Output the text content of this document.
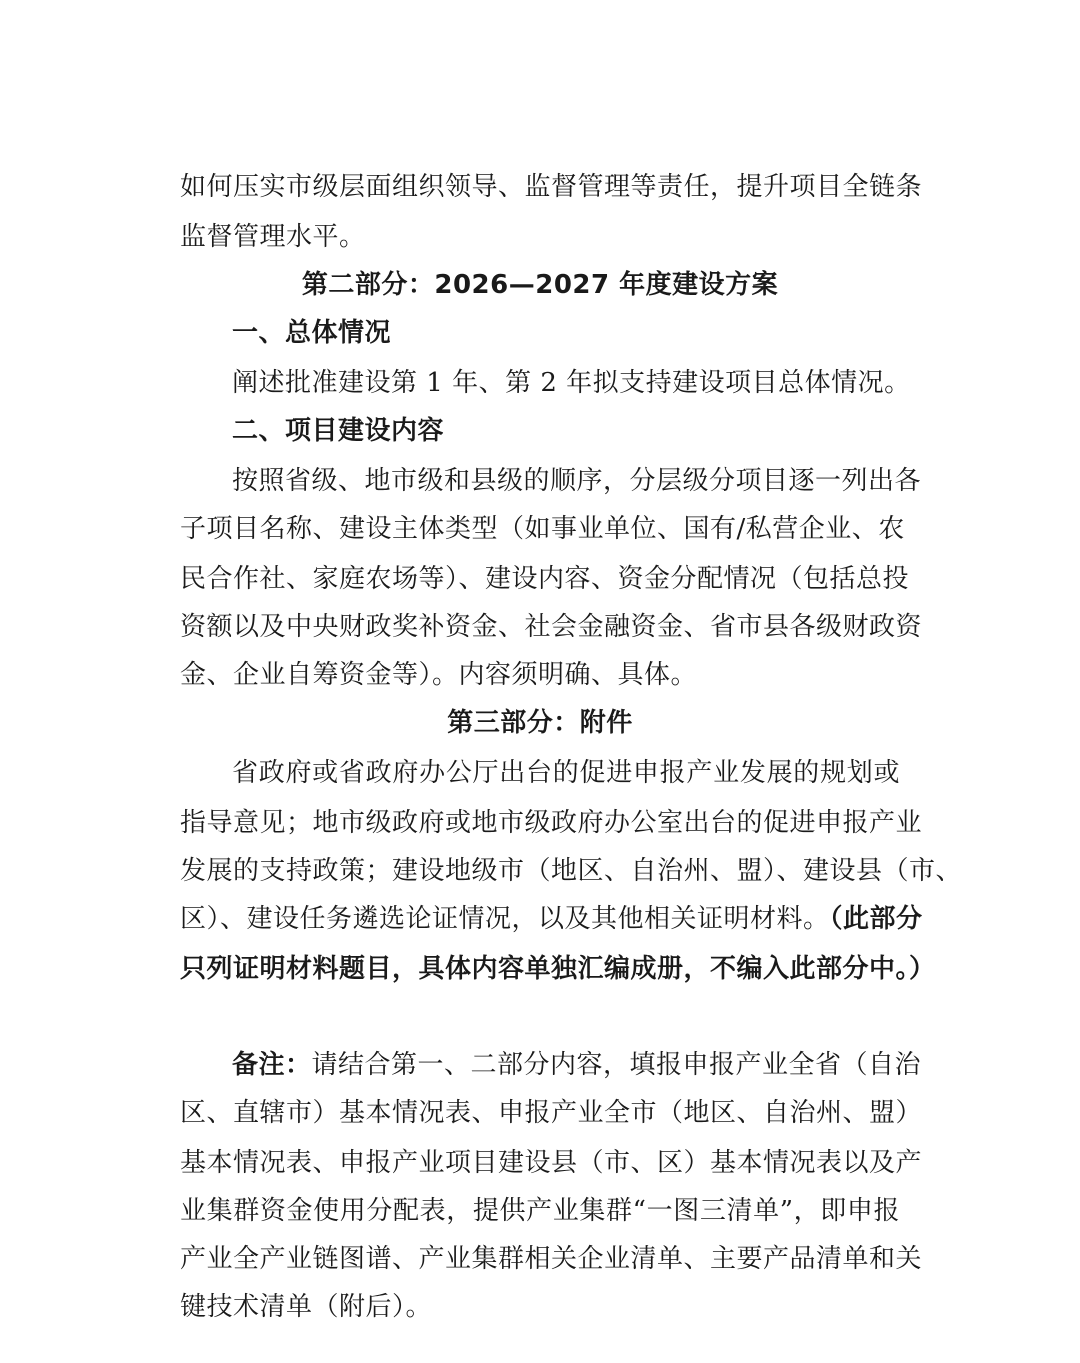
如何压实市级层面组织领导、监督管理等责任，提升项目全链条
监督管理水平。
第二部分：2026—2027 年度建设方案
一、总体情况
阐述批准建设第 1 年、第 2 年拟支持建设项目总体情况。
二、项目建设内容
按照省级、地市级和县级的顺序，分层级分项目逐一列出各
子项目名称、建设主体类型（如事业单位、国有/私营企业、农
民合作社、家庭农场等）、建设内容、资金分配情况（包括总投
资额以及中央财政奖补资金、社会金融资金、省市县各级财政资
金、企业自筹资金等）。内容须明确、具体。
第三部分：附件
省政府或省政府办公厅出台的促进申报产业发展的规划或
指导意见；地市级政府或地市级政府办公室出台的促进申报产业
发展的支持政策；建设地级市（地区、自治州、盟）、建设县（市、
区）、建设任务遴选论证情况，以及其他相关证明材料。（此部分
只列证明材料题目，具体内容单独汇编成册，不编入此部分中。）
备注：请结合第一、二部分内容，填报申报产业全省（自治
区、直辖市）基本情况表、申报产业全市（地区、自治州、盟）
基本情况表、申报产业项目建设县（市、区）基本情况表以及产
业集群资金使用分配表，提供产业集群“一图三清单”，即申报
产业全产业链图谱、产业集群相关企业清单、主要产品清单和关
键技术清单（附后）。
